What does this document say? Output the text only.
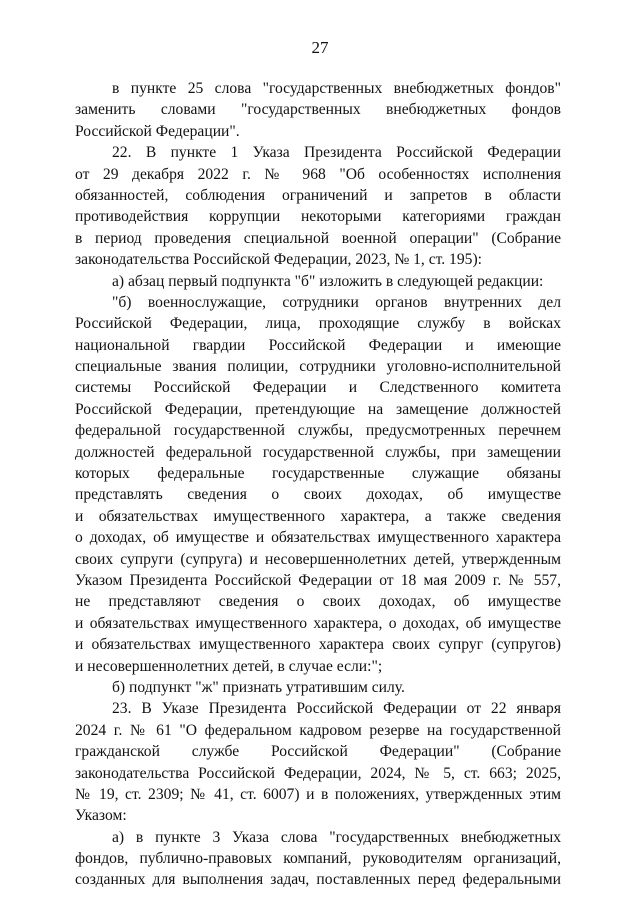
27
в пункте 25 слова "государственных внебюджетных фондов"
заменить словами "государственных внебюджетных фондов
Российской Федерации".
22. В пункте 1 Указа Президента Российской Федерации
от 29 декабря 2022 г. № 968 "Об особенностях исполнения
обязанностей, соблюдения ограничений и запретов в области
противодействия коррупции некоторыми категориями граждан
в период проведения специальной военной операции" (Собрание
законодательства Российской Федерации, 2023, № 1, ст. 195):
а) абзац первый подпункта "б" изложить в следующей редакции:
"б) военнослужащие, сотрудники органов внутренних дел
Российской Федерации, лица, проходящие службу в войсках
национальной гвардии Российской Федерации и имеющие
специальные звания полиции, сотрудники уголовно-исполнительной
системы Российской Федерации и Следственного комитета
Российской Федерации, претендующие на замещение должностей
федеральной государственной службы, предусмотренных перечнем
должностей федеральной государственной службы, при замещении
которых федеральные государственные служащие обязаны
представлять сведения о своих доходах, об имуществе
и обязательствах имущественного характера, а также сведения
о доходах, об имуществе и обязательствах имущественного характера
своих супруги (супруга) и несовершеннолетних детей, утвержденным
Указом Президента Российской Федерации от 18 мая 2009 г. № 557,
не представляют сведения о своих доходах, об имуществе
и обязательствах имущественного характера, о доходах, об имуществе
и обязательствах имущественного характера своих супруг (супругов)
и несовершеннолетних детей, в случае если:";
б) подпункт "ж" признать утратившим силу.
23. В Указе Президента Российской Федерации от 22 января
2024 г. № 61 "О федеральном кадровом резерве на государственной
гражданской службе Российской Федерации" (Собрание
законодательства Российской Федерации, 2024, № 5, ст. 663; 2025,
№ 19, ст. 2309; № 41, ст. 6007) и в положениях, утвержденных этим
Указом:
а) в пункте 3 Указа слова "государственных внебюджетных
фондов, публично-правовых компаний, руководителям организаций,
созданных для выполнения задач, поставленных перед федеральными
